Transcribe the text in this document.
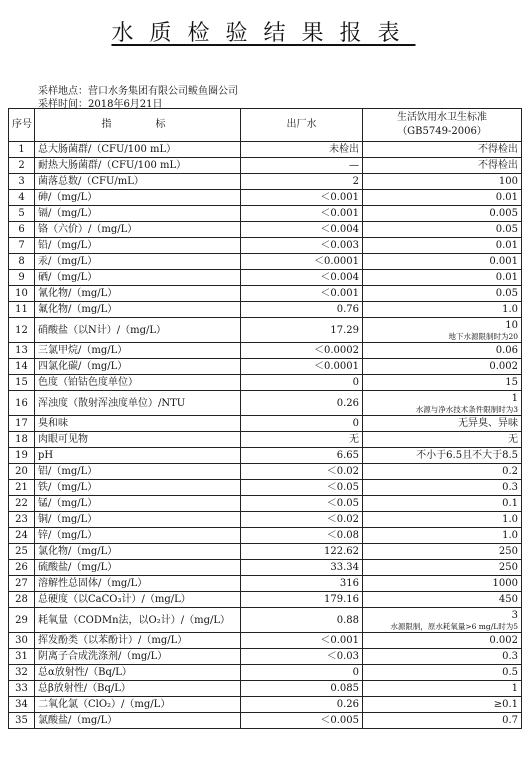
水质检验结果报表
采样地点：营口水务集团有限公司鲅鱼圈公司
采样时间：2018年6月21日
序号	指　　标	出厂水	生活饮用水卫生标准
（GB5749-2006）

1	总大肠菌群/（CFU/100 mL）	未检出	不得检出

2	耐热大肠菌群/（CFU/100 mL）	—	不得检出

3	菌落总数/（CFU/mL）	2	100

4	砷/（mg/L）	＜0.001	0.01

5	镉/（mg/L）	＜0.001	0.005

6	铬（六价）/（mg/L）	＜0.004	0.05

7	铅/（mg/L）	＜0.003	0.01

8	汞/（mg/L）	＜0.0001	0.001

9	硒/（mg/L）	＜0.004	0.01

10	氰化物/（mg/L）	＜0.001	0.05

11	氟化物/（mg/L）	0.76	1.0

12	硝酸盐（以N计）/（mg/L）	17.29	10
地下水源限制时为20

13	三氯甲烷/（mg/L）	＜0.0002	0.06

14	四氯化碳/（mg/L）	＜0.0001	0.002

15	色度（铂钴色度单位）	0	15

16	浑浊度（散射浑浊度单位）/NTU	0.26	1
水源与净水技术条件限制时为3

17	臭和味	0	无异臭、异味

18	肉眼可见物	无	无

19	pH	6.65	不小于6.5且不大于8.5

20	铝/（mg/L）	＜0.02	0.2

21	铁/（mg/L）	＜0.05	0.3

22	锰/（mg/L）	＜0.05	0.1

23	铜/（mg/L）	＜0.02	1.0

24	锌/（mg/L）	＜0.08	1.0

25	氯化物/（mg/L）	122.62	250

26	硫酸盐/（mg/L）	33.34	250

27	溶解性总固体/（mg/L）	316	1000

28	总硬度（以CaCO₃计）/（mg/L）	179.16	450

29	耗氧量（CODMn法，以O₂计）/（mg/L）	0.88	3
水源限制，原水耗氧量>6 mg/L时为5

30	挥发酚类（以苯酚计）/（mg/L）	＜0.001	0.002

31	阴离子合成洗涤剂/（mg/L）	＜0.03	0.3

32	总α放射性/（Bq/L）	0	0.5

33	总β放射性/（Bq/L）	0.085	1

34	二氧化氯（ClO₂）/（mg/L）	0.26	≥0.1

35	氯酸盐/（mg/L）	＜0.005	0.7
